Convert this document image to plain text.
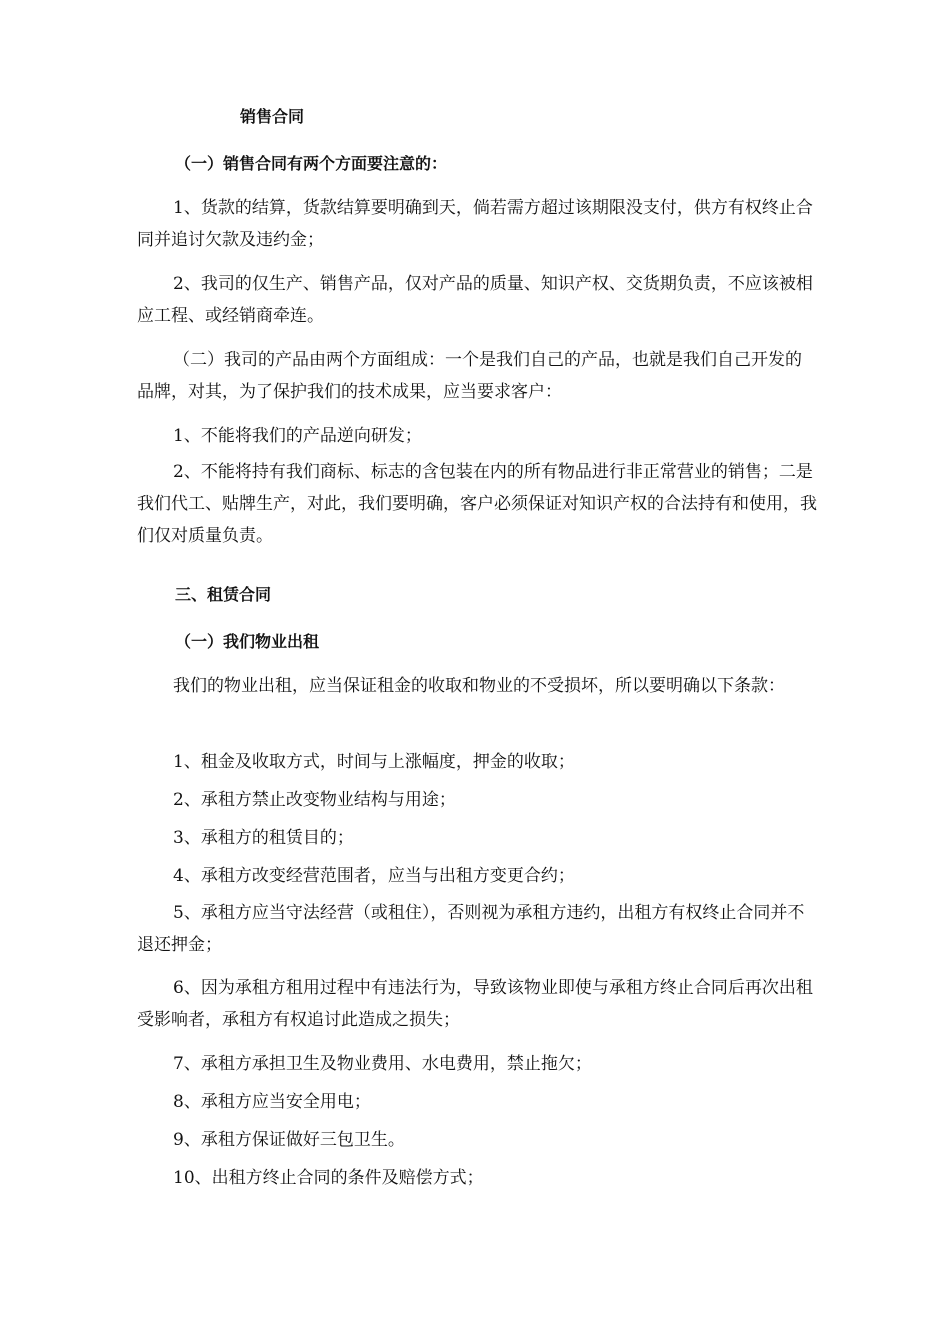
销售合同

（一）销售合同有两个方面要注意的：

1、货款的结算，货款结算要明确到天，倘若需方超过该期限没支付，供方有权终止合同并追讨欠款及违约金；

2、我司的仅生产、销售产品，仅对产品的质量、知识产权、交货期负责，不应该被相应工程、或经销商牵连。

（二）我司的产品由两个方面组成：一个是我们自己的产品，也就是我们自己开发的品牌，对其，为了保护我们的技术成果，应当要求客户：

1、不能将我们的产品逆向研发；

2、不能将持有我们商标、标志的含包装在内的所有物品进行非正常营业的销售；二是我们代工、贴牌生产，对此，我们要明确，客户必须保证对知识产权的合法持有和使用，我们仅对质量负责。

三、租赁合同

（一）我们物业出租

我们的物业出租，应当保证租金的收取和物业的不受损坏，所以要明确以下条款：

1、租金及收取方式，时间与上涨幅度，押金的收取；

2、承租方禁止改变物业结构与用途；

3、承租方的租赁目的；

4、承租方改变经营范围者，应当与出租方变更合约；

5、承租方应当守法经营（或租住），否则视为承租方违约，出租方有权终止合同并不退还押金；

6、因为承租方租用过程中有违法行为，导致该物业即使与承租方终止合同后再次出租受影响者，承租方有权追讨此造成之损失；

7、承租方承担卫生及物业费用、水电费用，禁止拖欠；

8、承租方应当安全用电；

9、承租方保证做好三包卫生。

10、出租方终止合同的条件及赔偿方式；
